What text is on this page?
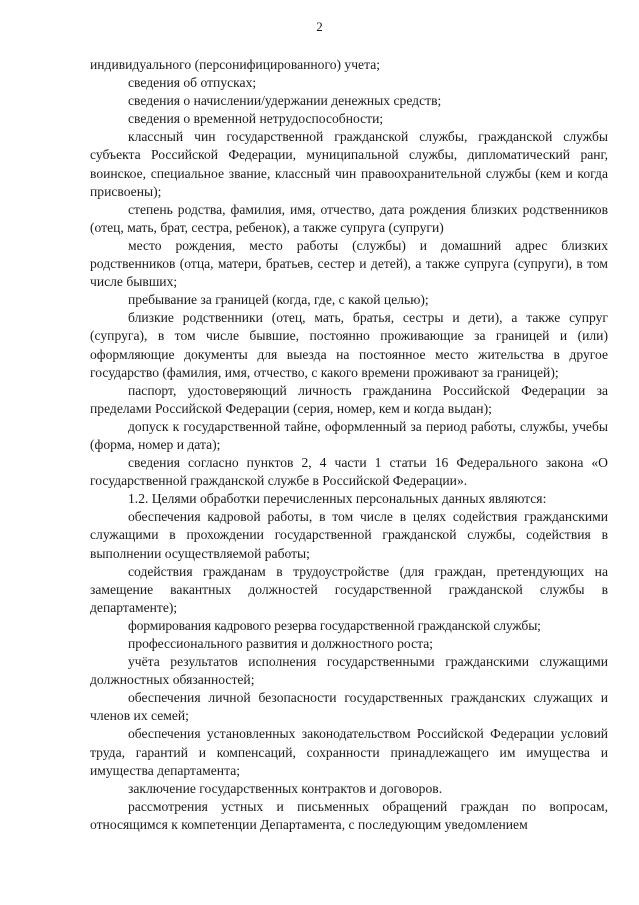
2

индивидуального (персонифицированного) учета;

сведения об отпусках;

сведения о начислении/удержании денежных средств;

сведения о временной нетрудоспособности;

классный чин государственной гражданской службы, гражданской службы субъекта Российской Федерации, муниципальной службы, дипломатический ранг, воинское, специальное звание, классный чин правоохранительной службы (кем и когда присвоены);

степень родства, фамилия, имя, отчество, дата рождения близких родственников (отец, мать, брат, сестра, ребенок), а также супруга (супруги)

место рождения, место работы (службы) и домашний адрес близких родственников (отца, матери, братьев, сестер и детей), а также супруга (супруги), в том числе бывших;

пребывание за границей (когда, где, с какой целью);

близкие родственники (отец, мать, братья, сестры и дети), а также супруг (супруга), в том числе бывшие, постоянно проживающие за границей и (или) оформляющие документы для выезда на постоянное место жительства в другое государство (фамилия, имя, отчество, с какого времени проживают за границей);

паспорт, удостоверяющий личность гражданина Российской Федерации за пределами Российской Федерации (серия, номер, кем и когда выдан);

допуск к государственной тайне, оформленный за период работы, службы, учебы (форма, номер и дата);

сведения согласно пунктов 2, 4 части 1 статьи 16 Федерального закона «О государственной гражданской службе в Российской Федерации».

1.2. Целями обработки перечисленных персональных данных являются:

обеспечения кадровой работы, в том числе в целях содействия гражданскими служащими в прохождении государственной гражданской службы, содействия в выполнении осуществляемой работы;

содействия гражданам в трудоустройстве (для граждан, претендующих на замещение вакантных должностей государственной гражданской службы в департаменте);

формирования кадрового резерва государственной гражданской службы;

профессионального развития и должностного роста;

учёта результатов исполнения государственными гражданскими служащими должностных обязанностей;

обеспечения личной безопасности государственных гражданских служащих и членов их семей;

обеспечения установленных законодательством Российской Федерации условий труда, гарантий и компенсаций, сохранности принадлежащего им имущества и имущества департамента;

заключение государственных контрактов и договоров.

рассмотрения устных и письменных обращений граждан по вопросам, относящимся к компетенции Департамента, с последующим уведомлением
